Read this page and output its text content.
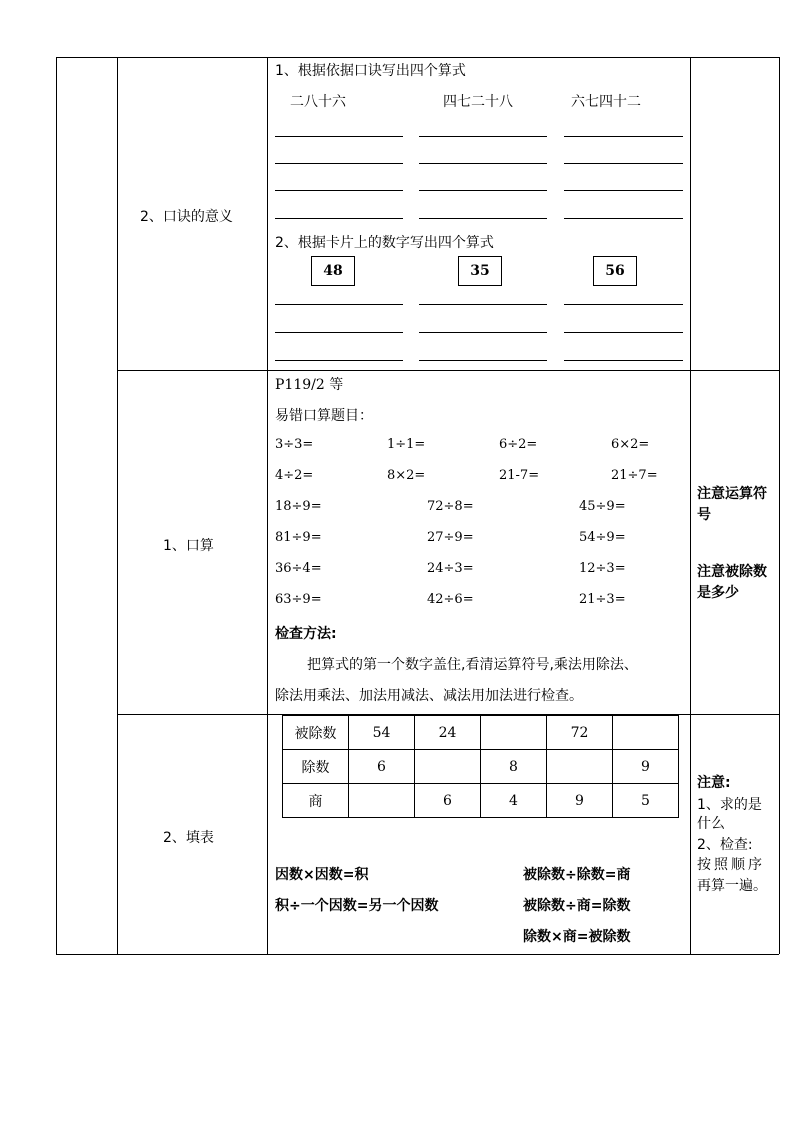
2、口诀的意义
1、根据依据口诀写出四个算式
二八十六	四七二十八	六七四十二
2、根据卡片上的数字写出四个算式
48	35	56
1、口算
P119/2 等
易错口算题目：
3÷3=	1÷1=	6÷2=	6×2=
4÷2=	8×2=	21-7=	21÷7=
18÷9=	72÷8=	45÷9=
81÷9=	27÷9=	54÷9=
36÷4=	24÷3=	12÷3=
63÷9=	42÷6=	21÷3=
检查方法:
把算式的第一个数字盖住,看清运算符号,乘法用除法、
除法用乘法、加法用减法、减法用加法进行检查。
注意运算符号
注意被除数是多少
2、填表
被除数	54	24		72	
除数	6		8		9
商		6	4	9	5
因数×因数=积
积÷一个因数=另一个因数
被除数÷除数=商
被除数÷商=除数
除数×商=被除数
注意:
1、求的是
什么
2、检查:
按照顺序
再算一遍。
